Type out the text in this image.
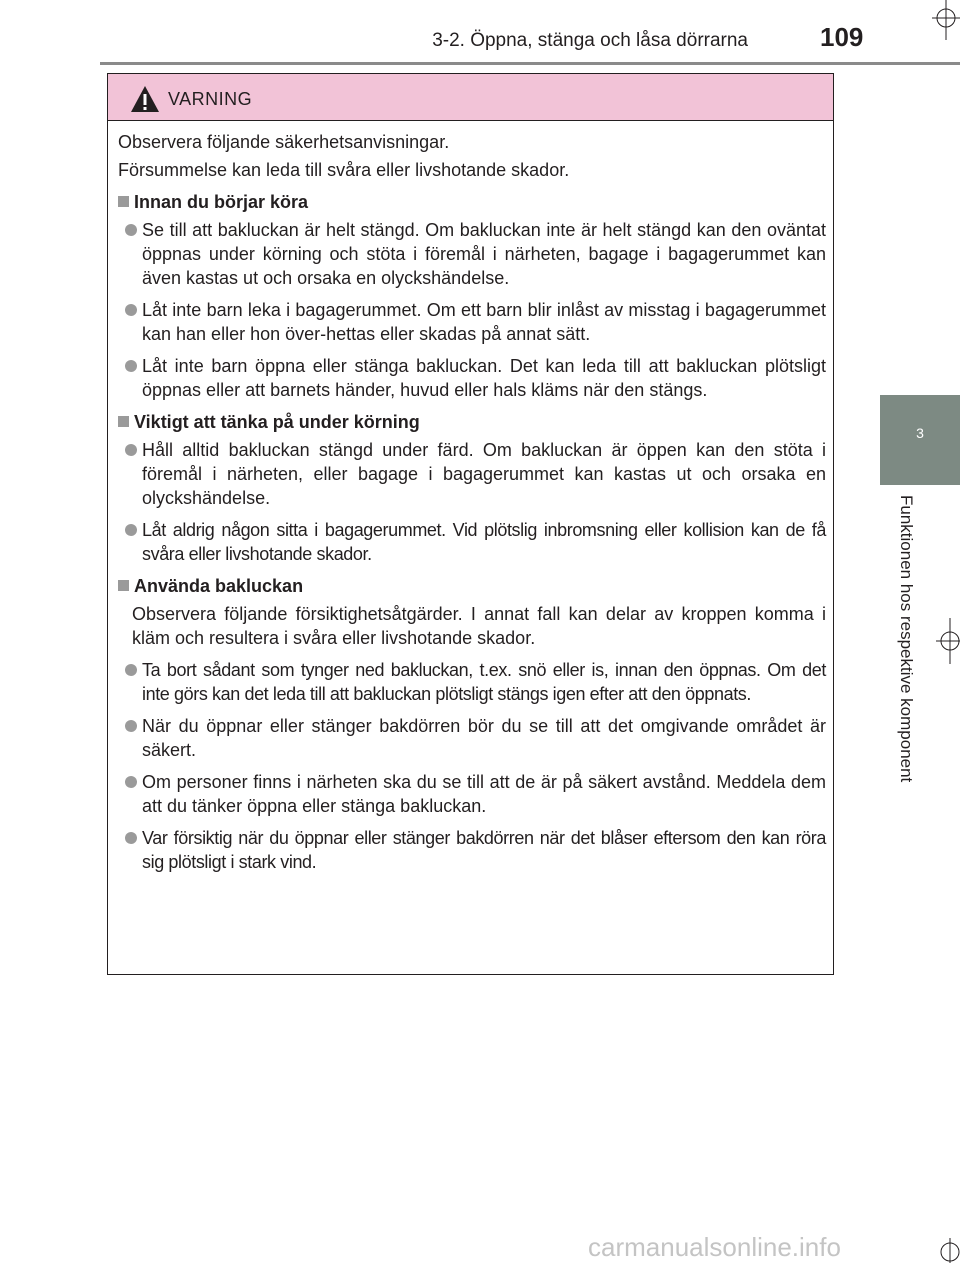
3-2. Öppna, stänga och låsa dörrarna	109
3
Funktionen hos respektive komponent
VARNING
Observera följande säkerhetsanvisningar.
Försummelse kan leda till svåra eller livshotande skador.
Innan du börjar köra
Se till att bakluckan är helt stängd. Om bakluckan inte är helt stängd kan den oväntat öppnas under körning och stöta i föremål i närheten, bagage i bagagerummet kan även kastas ut och orsaka en olyckshändelse.
Låt inte barn leka i bagagerummet. Om ett barn blir inlåst av misstag i bagagerummet kan han eller hon över-hettas eller skadas på annat sätt.
Låt inte barn öppna eller stänga bakluckan. Det kan leda till att bakluckan plötsligt öppnas eller att barnets händer, huvud eller hals kläms när den stängs.
Viktigt att tänka på under körning
Håll alltid bakluckan stängd under färd. Om bakluckan är öppen kan den stöta i föremål i närheten, eller bagage i bagagerummet kan kastas ut och orsaka en olyckshändelse.
Låt aldrig någon sitta i bagagerummet. Vid plötslig inbromsning eller kollision kan de få svåra eller livshotande skador.
Använda bakluckan
Observera följande försiktighetsåtgärder. I annat fall kan delar av kroppen komma i kläm och resultera i svåra eller livshotande skador.
Ta bort sådant som tynger ned bakluckan, t.ex. snö eller is, innan den öppnas. Om det inte görs kan det leda till att bakluckan plötsligt stängs igen efter att den öppnats.
När du öppnar eller stänger bakdörren bör du se till att det omgivande området är säkert.
Om personer finns i närheten ska du se till att de är på säkert avstånd. Meddela dem att du tänker öppna eller stänga bakluckan.
Var försiktig när du öppnar eller stänger bakdörren när det blåser eftersom den kan röra sig plötsligt i stark vind.
carmanualsonline.info
